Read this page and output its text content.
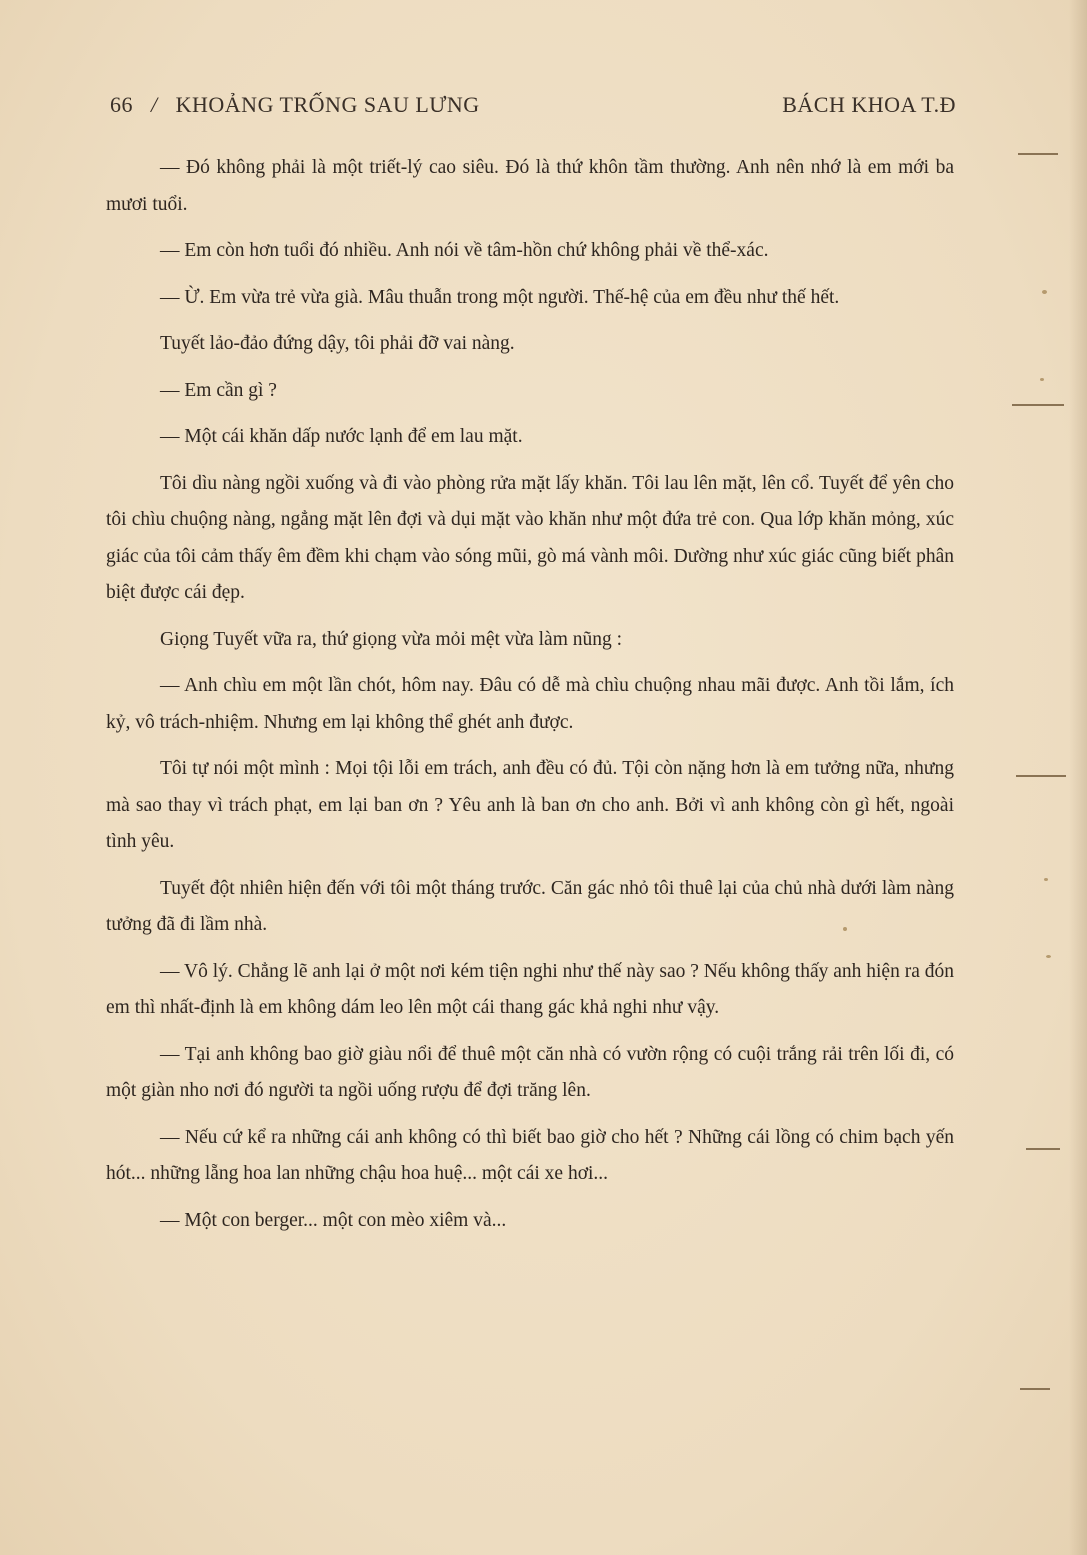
66 / KHOẢNG TRỐNG SAU LƯNG	BÁCH KHOA T.Đ

— Đó không phải là một triết-lý cao siêu. Đó là thứ khôn tầm thường. Anh nên nhớ là em mới ba mươi tuổi.

— Em còn hơn tuổi đó nhiều. Anh nói về tâm-hồn chứ không phải về thể-xác.

— Ừ. Em vừa trẻ vừa già. Mâu thuẫn trong một người. Thế-hệ của em đều như thế hết.

Tuyết lảo-đảo đứng dậy, tôi phải đỡ vai nàng.

— Em cần gì ?

— Một cái khăn dấp nước lạnh để em lau mặt.

Tôi dìu nàng ngồi xuống và đi vào phòng rửa mặt lấy khăn. Tôi lau lên mặt, lên cổ. Tuyết để yên cho tôi chìu chuộng nàng, ngẳng mặt lên đợi và dụi mặt vào khăn như một đứa trẻ con. Qua lớp khăn mỏng, xúc giác của tôi cảm thấy êm đềm khi chạm vào sóng mũi, gò má vành môi. Dường như xúc giác cũng biết phân biệt được cái đẹp.

Giọng Tuyết vữa ra, thứ giọng vừa mỏi mệt vừa làm nũng :

— Anh chìu em một lần chót, hôm nay. Đâu có dễ mà chìu chuộng nhau mãi được. Anh tồi lắm, ích kỷ, vô trách-nhiệm. Nhưng em lại không thể ghét anh được.

Tôi tự nói một mình : Mọi tội lỗi em trách, anh đều có đủ. Tội còn nặng hơn là em tưởng nữa, nhưng mà sao thay vì trách phạt, em lại ban ơn ? Yêu anh là ban ơn cho anh. Bởi vì anh không còn gì hết, ngoài tình yêu.

Tuyết đột nhiên hiện đến với tôi một tháng trước. Căn gác nhỏ tôi thuê lại của chủ nhà dưới làm nàng tưởng đã đi lầm nhà.

— Vô lý. Chẳng lẽ anh lại ở một nơi kém tiện nghi như thế này sao ? Nếu không thấy anh hiện ra đón em thì nhất-định là em không dám leo lên một cái thang gác khả nghi như vậy.

— Tại anh không bao giờ giàu nổi để thuê một căn nhà có vườn rộng có cuội trắng rải trên lối đi, có một giàn nho nơi đó người ta ngồi uống rượu để đợi trăng lên.

— Nếu cứ kể ra những cái anh không có thì biết bao giờ cho hết ? Những cái lồng có chim bạch yến hót... những lẵng hoa lan những chậu hoa huệ... một cái xe hơi...

— Một con berger... một con mèo xiêm và...
